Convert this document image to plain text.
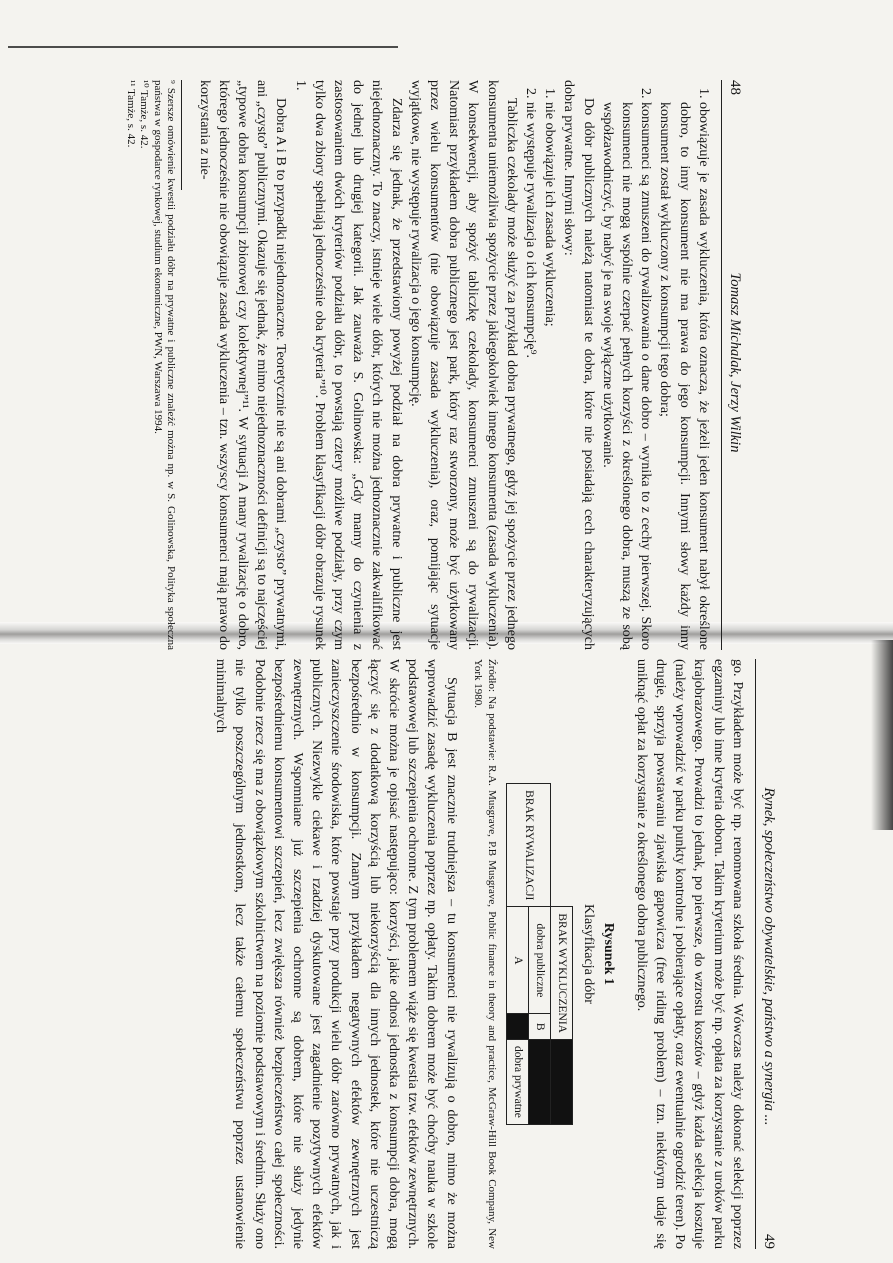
48
Tomasz Michalak, Jerzy Wilkin
1. obowiązuje je zasada wykluczenia, która oznacza, że jeżeli jeden konsument nabył określone dobro, to inny konsument nie ma prawa do jego konsumpcji. Innymi słowy każdy inny konsument został wykluczony z konsumpcji tego dobra;
2. konsumenci są zmuszeni do rywalizowania o dane dobro – wynika to z cechy pierwszej. Skoro konsumenci nie mogą wspólnie czerpać pełnych korzyści z określonego dobra, muszą ze sobą współzawodniczyć, by nabyć je na swoje wyłączne użytkowanie.

Do dóbr publicznych należą natomiast te dobra, które nie posiadają cech charakteryzujących dobra prywatne. Innymi słowy:

1. nie obowiązuje ich zasada wykluczenia;
2. nie występuje rywalizacja o ich konsumpcję⁹.

Tabliczka czekolady może służyć za przykład dobra prywatnego, gdyż jej spożycie przez jednego konsumenta uniemożliwia spożycie przez jakiegokolwiek innego konsumenta (zasada wykluczenia). W konsekwencji, aby spożyć tabliczkę czekolady, konsumenci zmuszeni są do rywalizacji. Natomiast przykładem dobra publicznego jest park, który raz stworzony, może być użytkowany przez wielu konsumentów (nie obowiązuje zasada wykluczenia), oraz, pomijając sytuacje wyjątkowe, nie występuje rywalizacja o jego konsumpcję.

Zdarza się jednak, że przedstawiony powyżej podział na dobra prywatne i publiczne jest niejednoznaczny. To znaczy, istnieje wiele dóbr, których nie można jednoznacznie zakwalifikować do jednej lub drugiej kategorii. Jak zauważa S. Golinowska: „Gdy mamy do czynienia z zastosowaniem dwóch kryteriów podziału dóbr, to powstają cztery możliwe podziały, przy czym tylko dwa zbiory spełniają jednocześnie oba kryteria”¹⁰. Problem klasyfikacji dóbr obrazuje rysunek 1.

Dobra A i B to przypadki niejednoznaczne. Teoretycznie nie są ani dobrami „czysto” prywatnymi, ani „czysto” publicznymi. Okazuje się jednak, że mimo niejednoznaczności definicji są to najczęściej „typowe dobra konsumpcji zbiorowej czy kolektywnej”¹¹. W sytuacji A many rywalizację o dobro, którego jednocześnie nie obowiązuje zasada wykluczenia – tzn. wszyscy konsumenci mają prawo do korzystania z nie-

⁹ Szersze omówienie kwestii podziału dóbr na prywatne i publiczne znaleźć można np. w S. Golinowska, Polityka społeczna państwa w gospodarce rynkowej, studium ekonomiczne, PWN, Warszawa 1994.

¹⁰ Tamże, s. 42.

¹¹ Tamże, s. 42.

Rynek, społeczeństwo obywatelskie, państwo a synergia ...
49

go. Przykładem może być np. renomowana szkoła średnia. Wówczas należy dokonać selekcji poprzez egzaminy lub inne kryteria doboru. Takim kryterium może być np. opłata za korzystanie z uroków parku krajobrazowego. Prowadzi to jednak, po pierwsze, do wzrostu kosztów – gdyż każda selekcja kosztuje (należy wprowadzić w parku punkty kontrolne i pobierające opłaty, oraz ewentualnie ogrodzić teren). Po drugie, sprzyja powstawaniu zjawiska gapowicza (free riding problem) – tzn. niektórym udaje się uniknąć opłat za korzystanie z określonego dobra publicznego.

Rysunek 1
Klasyfikacja dóbr
	BRAK WYKLUCZENIA		
BRAK RYWALIZACJI	dobra publiczne	B	
	A		dobra prywatne

Źródło: Na podstawie: R.A. Musgrave, P.B Musgrave, Public finance in theory and practice, McGraw-Hill Book Company, New York 1980.

Sytuacja B jest znacznie trudniejsza – tu konsumenci nie rywalizują o dobro, mimo że można wprowadzić zasadę wykluczenia poprzez np. opłaty. Takim dobrem może być choćby nauka w szkole podstawowej lub szczepienia ochronne. Z tym problemem wiąże się kwestia tzw. efektów zewnętrznych. W skrócie można je opisać następująco: korzyści, jakie odnosi jednostka z konsumpcji dobra, mogą łączyć się z dodatkową korzyścią lub niekorzyścią dla innych jednostek, które nie uczestniczą bezpośrednio w konsumpcji. Znanym przykładem negatywnych efektów zewnętrznych jest zanieczyszczenie środowiska, które powstaje przy produkcji wielu dóbr zarówno prywatnych, jak i publicznych. Niezwykle ciekawe i rzadziej dyskutowane jest zagadnienie pozytywnych efektów zewnętrznych. Wspomniane już szczepienia ochronne są dobrem, które nie służy jedynie bezpośredniemu konsumentowi szczepień, lecz zwiększa również bezpieczeństwo całej społeczności. Podobnie rzecz się ma z obowiązkowym szkolnictwem na poziomie podstawowym i średnim. Służy ono nie tylko poszczególnym jednostkom, lecz także całemu społeczeństwu poprzez ustanowienie minimalnych
